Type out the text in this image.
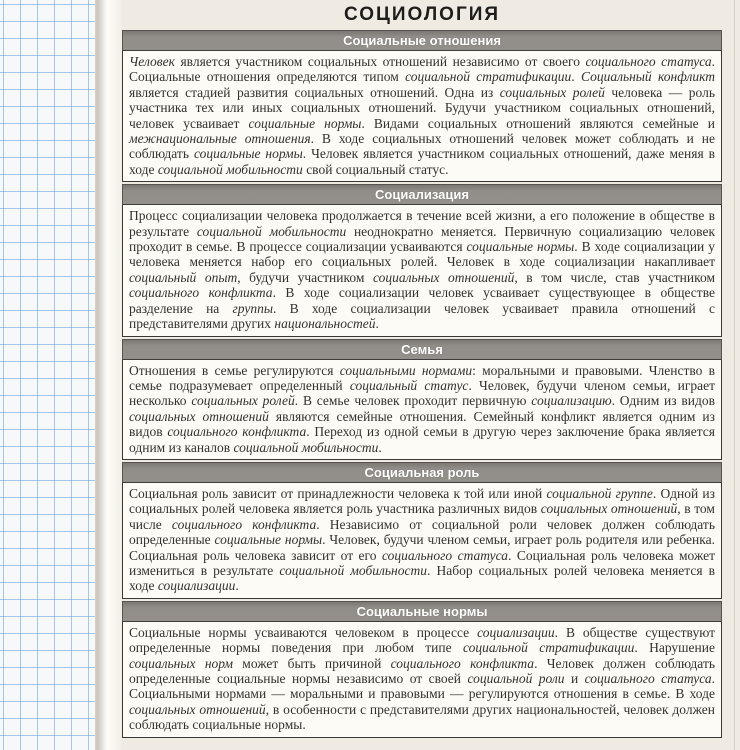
СОЦИОЛОГИЯ
Социальные отношения
Человек является участником социальных отношений независимо от своего социального статуса. Социальные отношения определяются типом социальной стратификации. Социальный конфликт является стадией развития социальных отношений. Одна из социальных ролей человека — роль участника тех или иных социальных отношений. Будучи участником социальных отношений, человек усваивает социальные нормы. Видами социальных отношений являются семейные и межнациональные отношения. В ходе социальных отношений человек может соблюдать и не соблюдать социальные нормы. Человек является участником социальных отношений, даже меняя в ходе социальной мобильности свой социальный статус.
Социализация
Процесс социализации человека продолжается в течение всей жизни, а его положение в обществе в результате социальной мобильности неоднократно меняется. Первичную социализацию человек проходит в семье. В процессе социализации усваиваются социальные нормы. В ходе социализации у человека меняется набор его социальных ролей. Человек в ходе социализации накапливает социальный опыт, будучи участником социальных отношений, в том числе, став участником социального конфликта. В ходе социализации человек усваивает существующее в обществе разделение на группы. В ходе социализации человек усваивает правила отношений с представителями других национальностей.
Семья
Отношения в семье регулируются социальными нормами: моральными и правовыми. Членство в семье подразумевает определенный социальный статус. Человек, будучи членом семьи, играет несколько социальных ролей. В семье человек проходит первичную социализацию. Одним из видов социальных отношений являются семейные отношения. Семейный конфликт является одним из видов социального конфликта. Переход из одной семьи в другую через заключение брака является одним из каналов социальной мобильности.
Социальная роль
Социальная роль зависит от принадлежности человека к той или иной социальной группе. Одной из социальных ролей человека является роль участника различных видов социальных отношений, в том числе социального конфликта. Независимо от социальной роли человек должен соблюдать определенные социальные нормы. Человек, будучи членом семьи, играет роль родителя или ребенка. Социальная роль человека зависит от его социального статуса. Социальная роль человека может измениться в результате социальной мобильности. Набор социальных ролей человека меняется в ходе социализации.
Социальные нормы
Социальные нормы усваиваются человеком в процессе социализации. В обществе существуют определенные нормы поведения при любом типе социальной стратификации. Нарушение социальных норм может быть причиной социального конфликта. Человек должен соблюдать определенные социальные нормы независимо от своей социальной роли и социального статуса. Социальными нормами — моральными и правовыми — регулируются отношения в семье. В ходе социальных отношений, в особенности с представителями других национальностей, человек должен соблюдать социальные нормы.
